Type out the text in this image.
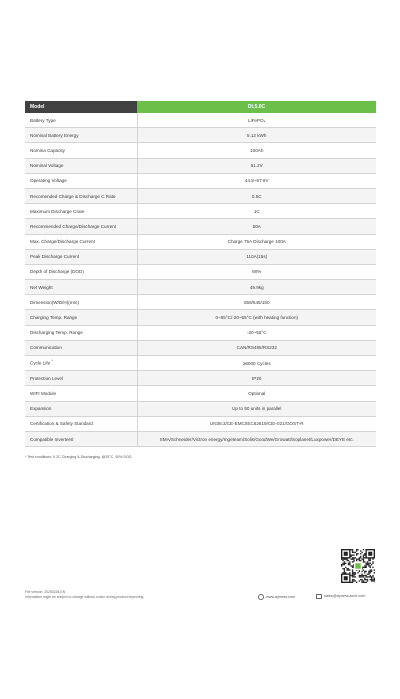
Model	DL5.0C
Battery Type	LiFePO₄
Nominal Battery Energy	5.12 kWh
Nomina Capacity	100Ah
Nominal Voltage	51.2V
Operating Voltage	44.8~57.6V
Recomended Charge & Discharge C Rate	0.5C
Maximum Discharge Crate	1C
Recommended Charge/Discharge Current	50A
Max. Charge/Discharge Current	Charge 75A Discharge 100A
Peak Discharge Current	110A(15s)
Depth of Discharge (DOD)	90%
Net Weight	49.9kg
Dimension(W/D/H)(mm)	558/545/150
Charging Temp. Range	0~55°C/-20~55°C (with heating function)
Discharging Temp. Range	-20~55°C
Communication	CAN/RS485/RS232
Cycle Life *	≥6000 Cycles
Protection Level	IP20
WIFI Module	Optional
Expansion	Up to 50 units in parallel
Certification & Safety Standard	UN38.3/CE-EMC/IEC62619/CEI-021/GOST-R
Compatible Invertersl	SMA/Schneider/Victron energy/Ingeteam/Solis/GoodWe/Growatt/Soplanet/Luxpower/DEYE etc.
* Test conditions: 0.2C Charging & Discharging. @25°C, 90% DOD
File version: 20250228-EN
Information might be subject to change without notice during product improving	www.dyness.com	sales@dyness-tech.com
